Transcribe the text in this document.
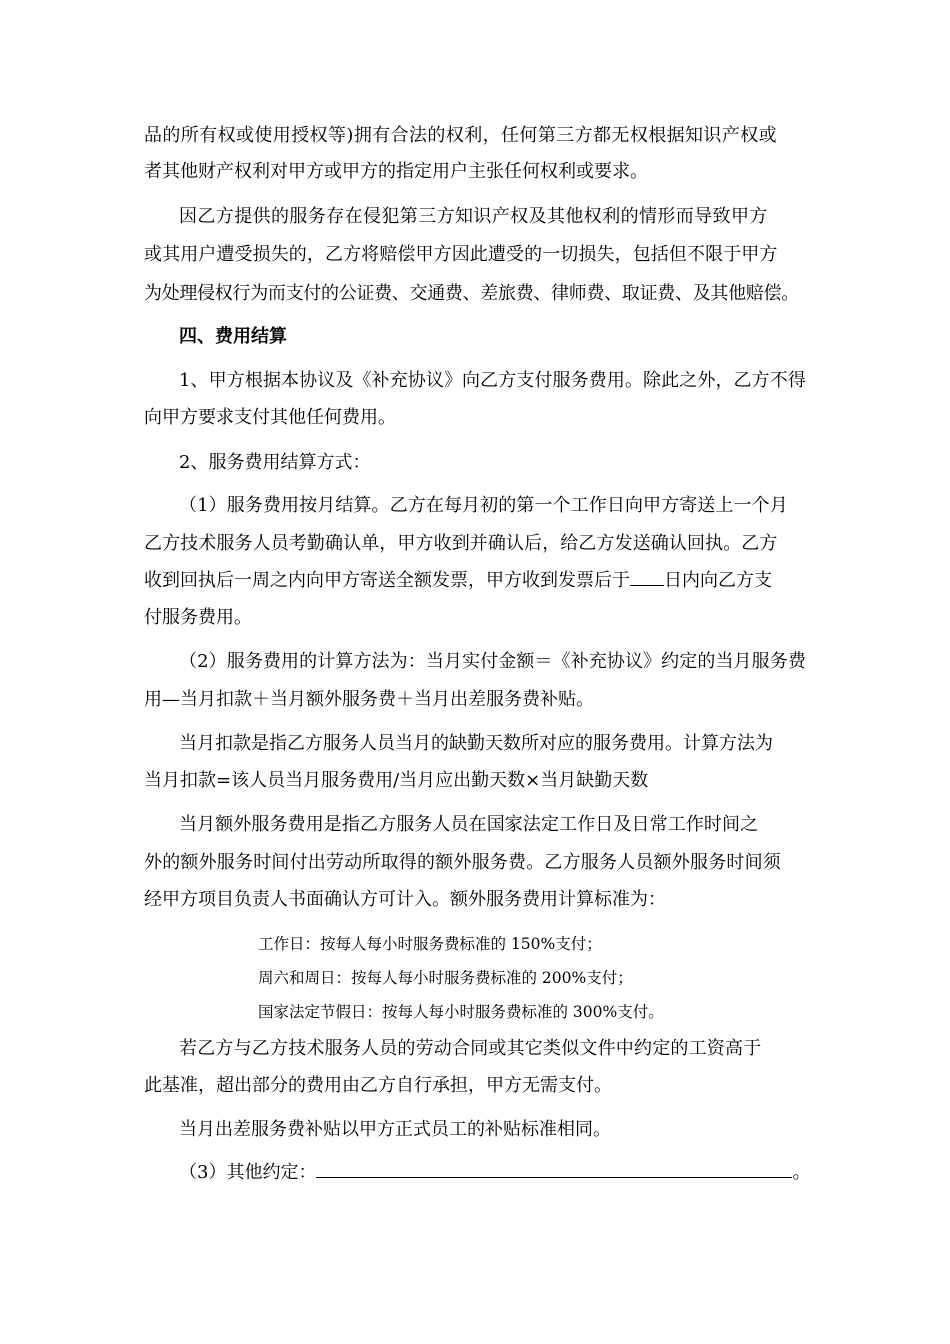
品的所有权或使用授权等)拥有合法的权利，任何第三方都无权根据知识产权或
者其他财产权利对甲方或甲方的指定用户主张任何权利或要求。
因乙方提供的服务存在侵犯第三方知识产权及其他权利的情形而导致甲方
或其用户遭受损失的，乙方将赔偿甲方因此遭受的一切损失，包括但不限于甲方
为处理侵权行为而支付的公证费、交通费、差旅费、律师费、取证费、及其他赔偿。
四、费用结算
1、甲方根据本协议及《补充协议》向乙方支付服务费用。除此之外，乙方不得
向甲方要求支付其他任何费用。
2、服务费用结算方式：
（1）服务费用按月结算。乙方在每月初的第一个工作日向甲方寄送上一个月
乙方技术服务人员考勤确认单，甲方收到并确认后，给乙方发送确认回执。乙方
收到回执后一周之内向甲方寄送全额发票，甲方收到发票后于 日内向乙方支
付服务费用。
（2）服务费用的计算方法为：当月实付金额＝《补充协议》约定的当月服务费
用—当月扣款＋当月额外服务费＋当月出差服务费补贴。
当月扣款是指乙方服务人员当月的缺勤天数所对应的服务费用。计算方法为
当月扣款=该人员当月服务费用/当月应出勤天数×当月缺勤天数
当月额外服务费用是指乙方服务人员在国家法定工作日及日常工作时间之
外的额外服务时间付出劳动所取得的额外服务费。乙方服务人员额外服务时间须
经甲方项目负责人书面确认方可计入。额外服务费用计算标准为：
工作日：按每人每小时服务费标准的 150%支付；
周六和周日：按每人每小时服务费标准的 200%支付；
国家法定节假日：按每人每小时服务费标准的 300%支付。
若乙方与乙方技术服务人员的劳动合同或其它类似文件中约定的工资高于
此基准，超出部分的费用由乙方自行承担，甲方无需支付。
当月出差服务费补贴以甲方正式员工的补贴标准相同。
（3）其他约定：	。
